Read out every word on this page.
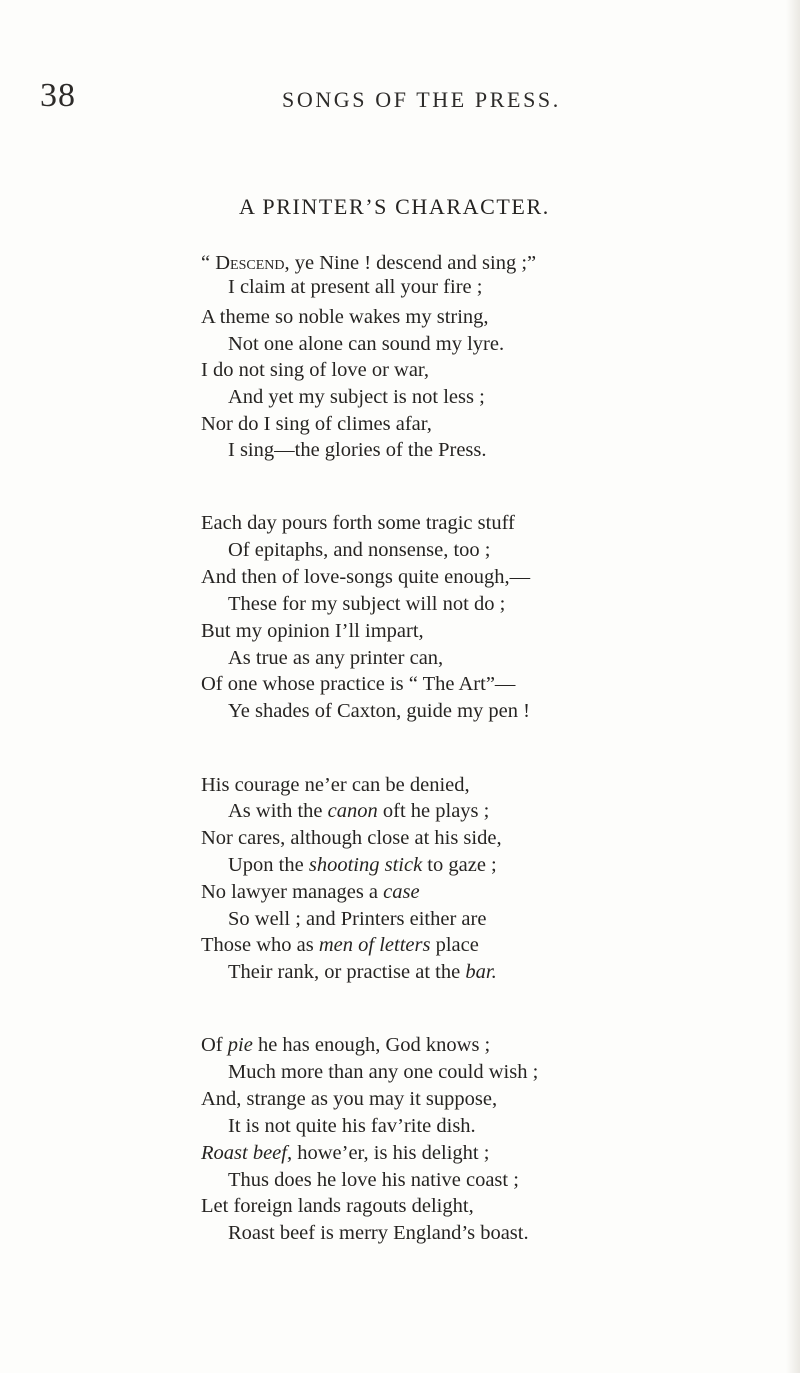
38	SONGS OF THE PRESS.
A PRINTER’S CHARACTER.
“ Descend, ye Nine ! descend and sing ;”
I claim at present all your fire ;
A theme so noble wakes my string,
Not one alone can sound my lyre.
I do not sing of love or war,
And yet my subject is not less ;
Nor do I sing of climes afar,
I sing—the glories of the Press.
Each day pours forth some tragic stuff
Of epitaphs, and nonsense, too ;
And then of love-songs quite enough,—
These for my subject will not do ;
But my opinion I’ll impart,
As true as any printer can,
Of one whose practice is “ The Art”—
Ye shades of Caxton, guide my pen !
His courage ne’er can be denied,
As with the canon oft he plays ;
Nor cares, although close at his side,
Upon the shooting stick to gaze ;
No lawyer manages a case
So well ; and Printers either are
Those who as men of letters place
Their rank, or practise at the bar.
Of pie he has enough, God knows ;
Much more than any one could wish ;
And, strange as you may it suppose,
It is not quite his fav’rite dish.
Roast beef, howe’er, is his delight ;
Thus does he love his native coast ;
Let foreign lands ragouts delight,
Roast beef is merry England’s boast.
